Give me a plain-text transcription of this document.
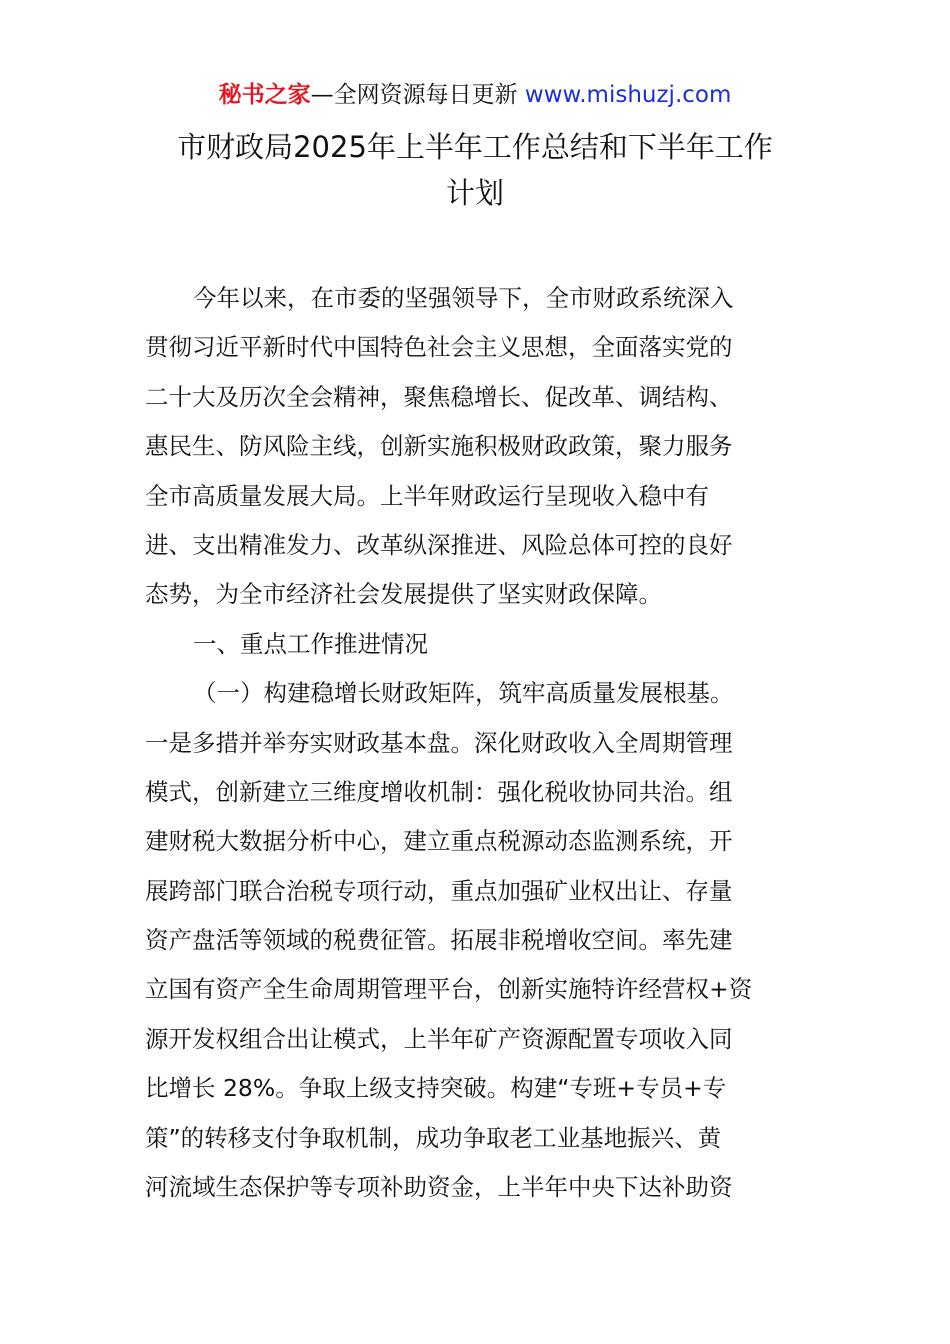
秘书之家—全网资源每日更新 www.mishuzj.com
市财政局2025年上半年工作总结和下半年工作
计划
今年以来，在市委的坚强领导下，全市财政系统深入
贯彻习近平新时代中国特色社会主义思想，全面落实党的
二十大及历次全会精神，聚焦稳增长、促改革、调结构、
惠民生、防风险主线，创新实施积极财政政策，聚力服务
全市高质量发展大局。上半年财政运行呈现收入稳中有
进、支出精准发力、改革纵深推进、风险总体可控的良好
态势，为全市经济社会发展提供了坚实财政保障。
一、重点工作推进情况
（一）构建稳增长财政矩阵，筑牢高质量发展根基。
一是多措并举夯实财政基本盘。深化财政收入全周期管理
模式，创新建立三维度增收机制：强化税收协同共治。组
建财税大数据分析中心，建立重点税源动态监测系统，开
展跨部门联合治税专项行动，重点加强矿业权出让、存量
资产盘活等领域的税费征管。拓展非税增收空间。率先建
立国有资产全生命周期管理平台，创新实施特许经营权+资
源开发权组合出让模式，上半年矿产资源配置专项收入同
比增长 28%。争取上级支持突破。构建“专班+专员+专
策”的转移支付争取机制，成功争取老工业基地振兴、黄
河流域生态保护等专项补助资金，上半年中央下达补助资
